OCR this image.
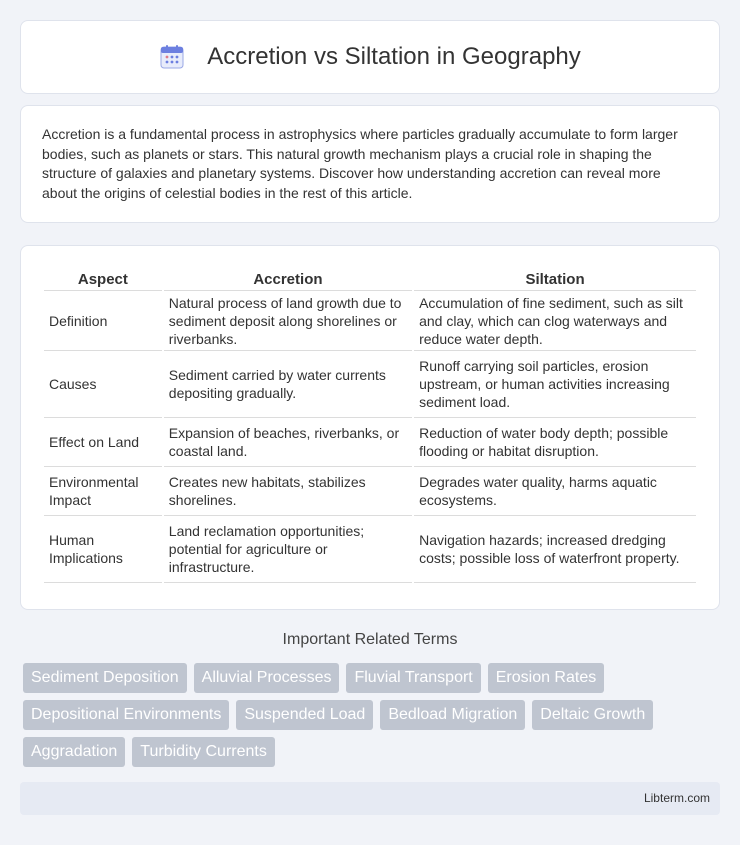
Accretion vs Siltation in Geography

Accretion is a fundamental process in astrophysics where particles gradually accumulate to form larger bodies, such as planets or stars. This natural growth mechanism plays a crucial role in shaping the structure of galaxies and planetary systems. Discover how understanding accretion can reveal more about the origins of celestial bodies in the rest of this article.

Aspect	Accretion	Siltation
Definition	Natural process of land growth due to sediment deposit along shorelines or riverbanks.	Accumulation of fine sediment, such as silt and clay, which can clog waterways and reduce water depth.
Causes	Sediment carried by water currents depositing gradually.	Runoff carrying soil particles, erosion upstream, or human activities increasing sediment load.
Effect on Land	Expansion of beaches, riverbanks, or coastal land.	Reduction of water body depth; possible flooding or habitat disruption.
Environmental Impact	Creates new habitats, stabilizes shorelines.	Degrades water quality, harms aquatic ecosystems.
Human Implications	Land reclamation opportunities; potential for agriculture or infrastructure.	Navigation hazards; increased dredging costs; possible loss of waterfront property.
Important Related Terms
Sediment Deposition	Alluvial Processes	Fluvial Transport	Erosion Rates
Depositional Environments	Suspended Load	Bedload Migration	Deltaic Growth
Aggradation	Turbidity Currents
Libterm.com
